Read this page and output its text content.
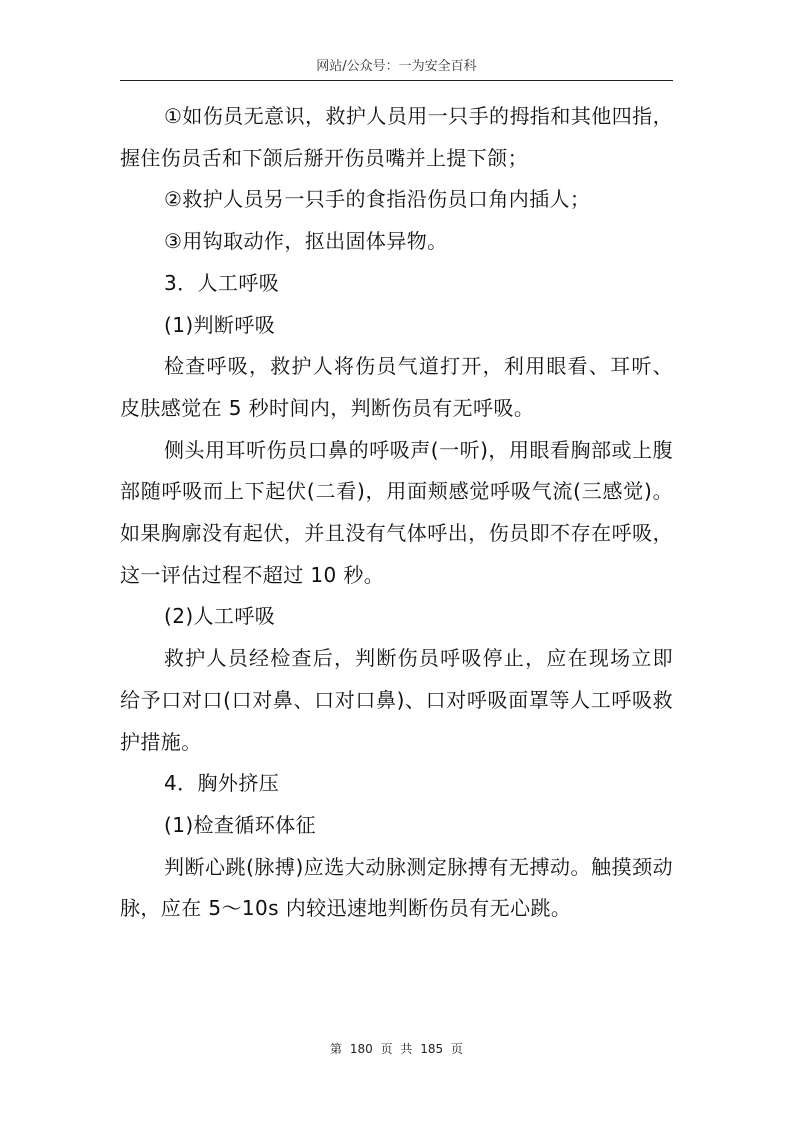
网站/公众号：一为安全百科

①如伤员无意识，救护人员用一只手的拇指和其他四指，握住伤员舌和下颌后掰开伤员嘴并上提下颌；

②救护人员另一只手的食指沿伤员口角内插人；

③用钩取动作，抠出固体异物。

3．人工呼吸

(1)判断呼吸

检查呼吸，救护人将伤员气道打开，利用眼看、耳听、皮肤感觉在 5 秒时间内，判断伤员有无呼吸。

侧头用耳听伤员口鼻的呼吸声(一听)，用眼看胸部或上腹部随呼吸而上下起伏(二看)，用面颊感觉呼吸气流(三感觉)。如果胸廓没有起伏，并且没有气体呼出，伤员即不存在呼吸，这一评估过程不超过 10 秒。

(2)人工呼吸

救护人员经检查后，判断伤员呼吸停止，应在现场立即给予口对口(口对鼻、口对口鼻)、口对呼吸面罩等人工呼吸救护措施。

4．胸外挤压

(1)检查循环体征

判断心跳(脉搏)应选大动脉测定脉搏有无搏动。触摸颈动脉，应在 5～10s 内较迅速地判断伤员有无心跳。

第 180 页 共 185 页
